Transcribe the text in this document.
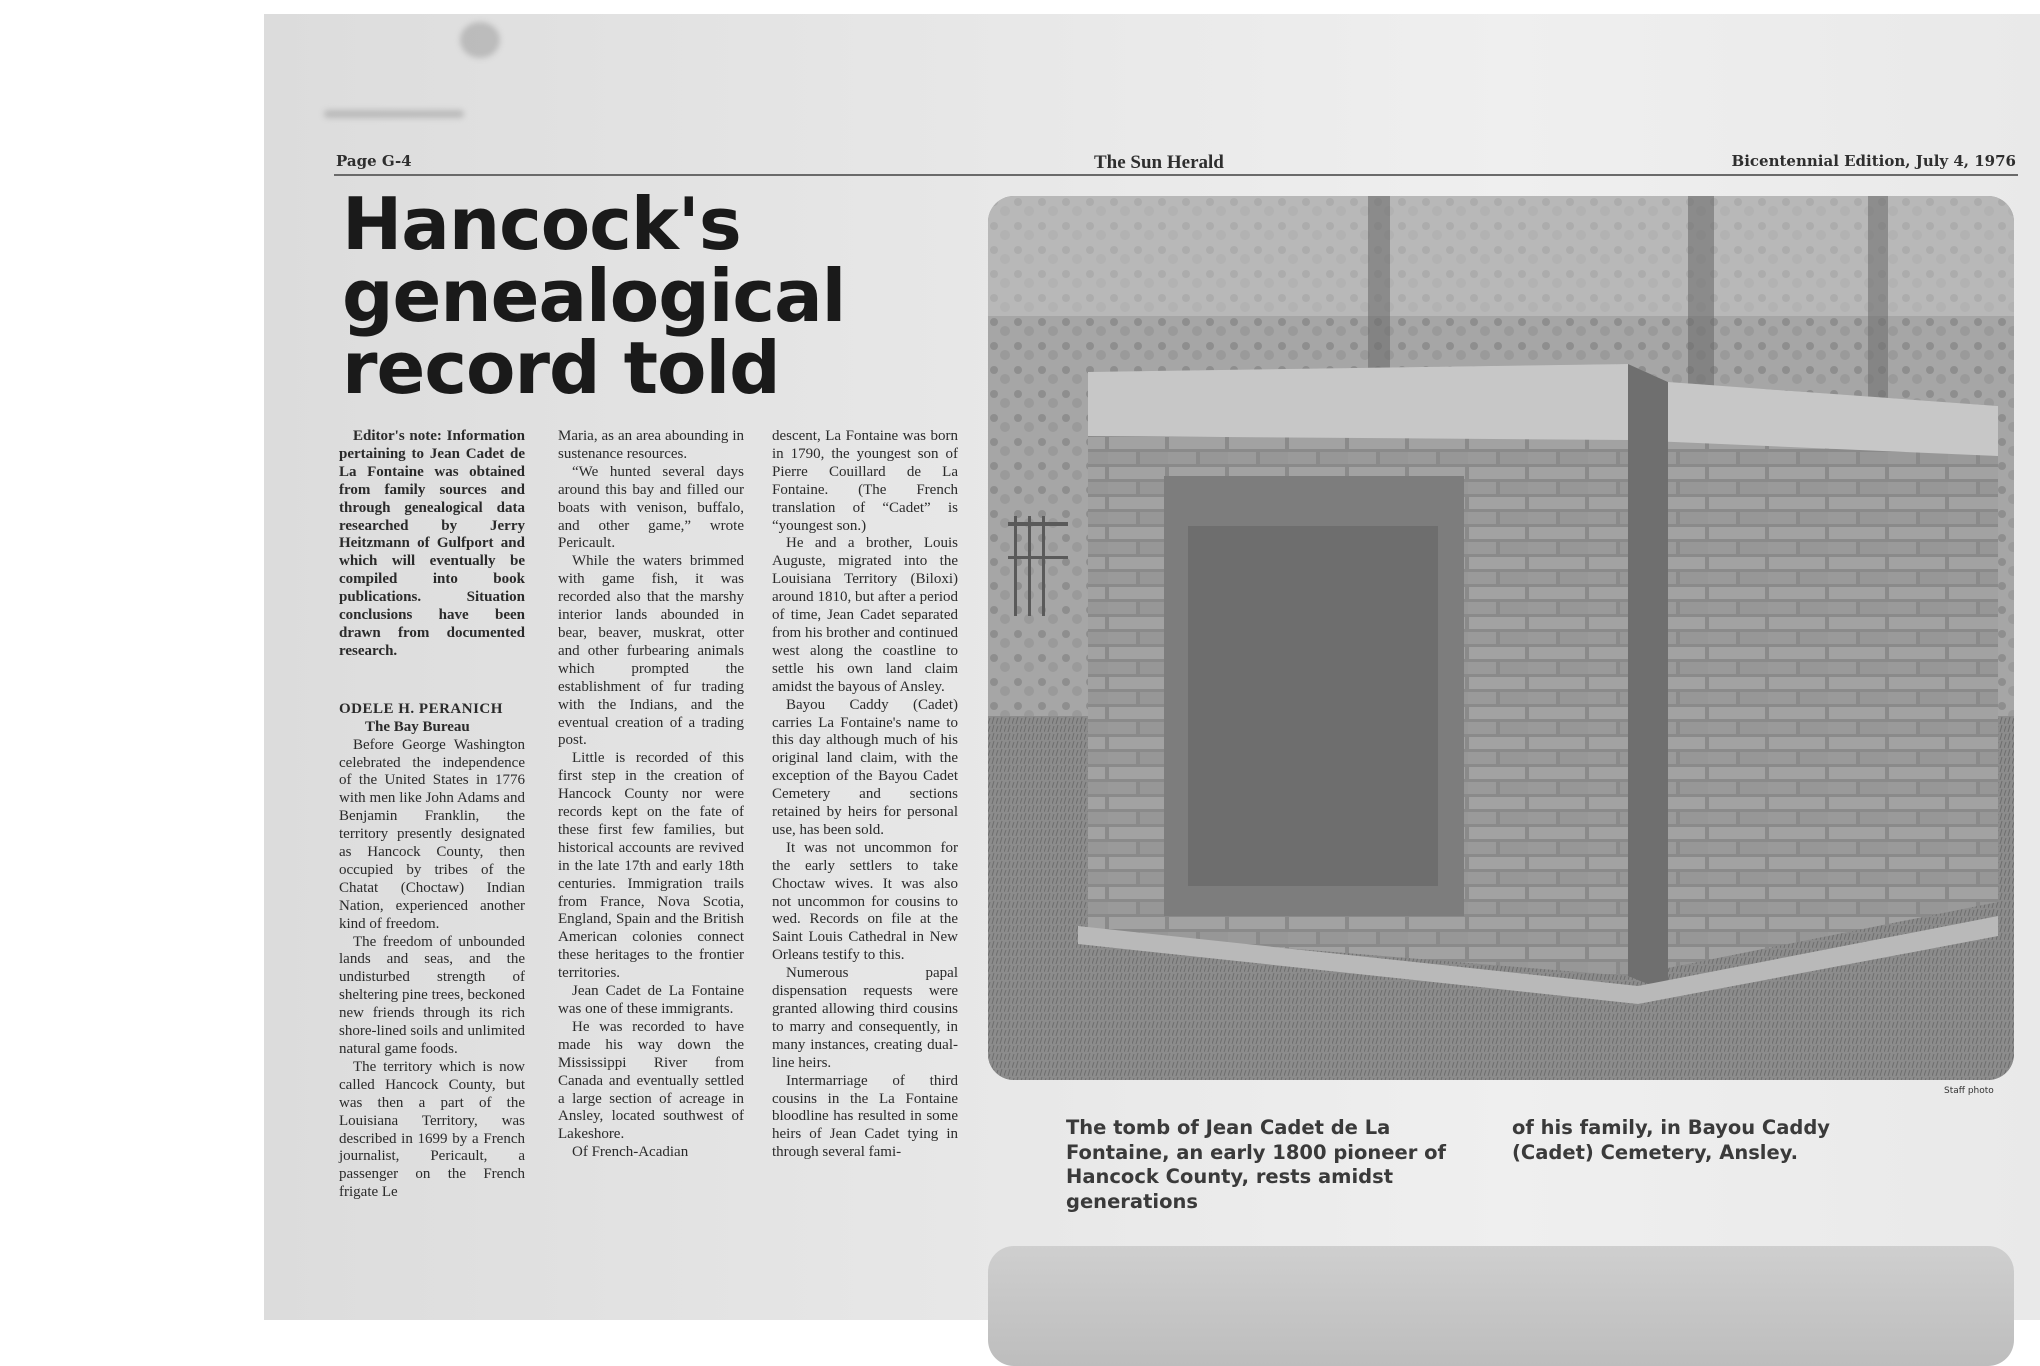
Page G-4	The Sun Herald	Bicentennial Edition, July 4, 1976
Hancock's
genealogical
record told

Editor's note: Information pertaining to Jean Cadet de La Fontaine was obtained from family sources and through genealogical data researched by Jerry Heitzmann of Gulfport and which will eventually be compiled into book publications. Situation conclusions have been drawn from documented research.

ODELE H. PERANICH

The Bay Bureau

Before George Washington celebrated the independence of the United States in 1776 with men like John Adams and Benjamin Franklin, the territory presently designated as Hancock County, then occupied by tribes of the Chatat (Choctaw) Indian Nation, experienced another kind of freedom.

The freedom of unbounded lands and seas, and the undisturbed strength of sheltering pine trees, beckoned new friends through its rich shore-lined soils and unlimited natural game foods.

The territory which is now called Hancock County, but was then a part of the Louisiana Territory, was described in 1699 by a French journalist, Pericault, a passenger on the French frigate Le

Maria, as an area abounding in sustenance resources.

“We hunted several days around this bay and filled our boats with venison, buffalo, and other game,” wrote Pericault.

While the waters brimmed with game fish, it was recorded also that the marshy interior lands abounded in bear, beaver, muskrat, otter and other furbearing animals which prompted the establishment of fur trading with the Indians, and the eventual creation of a trading post.

Little is recorded of this first step in the creation of Hancock County nor were records kept on the fate of these first few families, but historical accounts are revived in the late 17th and early 18th centuries. Immigration trails from France, Nova Scotia, England, Spain and the British American colonies connect these heritages to the frontier territories.

Jean Cadet de La Fontaine was one of these immigrants.

He was recorded to have made his way down the Mississippi River from Canada and eventually settled a large section of acreage in Ansley, located southwest of Lakeshore.

Of French-Acadian

descent, La Fontaine was born in 1790, the youngest son of Pierre Couillard de La Fontaine. (The French translation of “Cadet” is “youngest son.)

He and a brother, Louis Auguste, migrated into the Louisiana Territory (Biloxi) around 1810, but after a period of time, Jean Cadet separated from his brother and continued west along the coastline to settle his own land claim amidst the bayous of Ansley.

Bayou Caddy (Cadet) carries La Fontaine's name to this day although much of his original land claim, with the exception of the Bayou Cadet Cemetery and sections retained by heirs for personal use, has been sold.

It was not uncommon for the early settlers to take Choctaw wives. It was also not uncommon for cousins to wed. Records on file at the Saint Louis Cathedral in New Orleans testify to this.

Numerous papal dispensation requests were granted allowing third cousins to marry and consequently, in many instances, creating dual-line heirs.

Intermarriage of third cousins in the La Fontaine bloodline has resulted in some heirs of Jean Cadet tying in through several fami-

Staff photo
The tomb of Jean Cadet de La Fontaine, an early 1800 pioneer of Hancock County, rests amidst generations
of his family, in Bayou Caddy (Cadet) Cemetery, Ansley.
